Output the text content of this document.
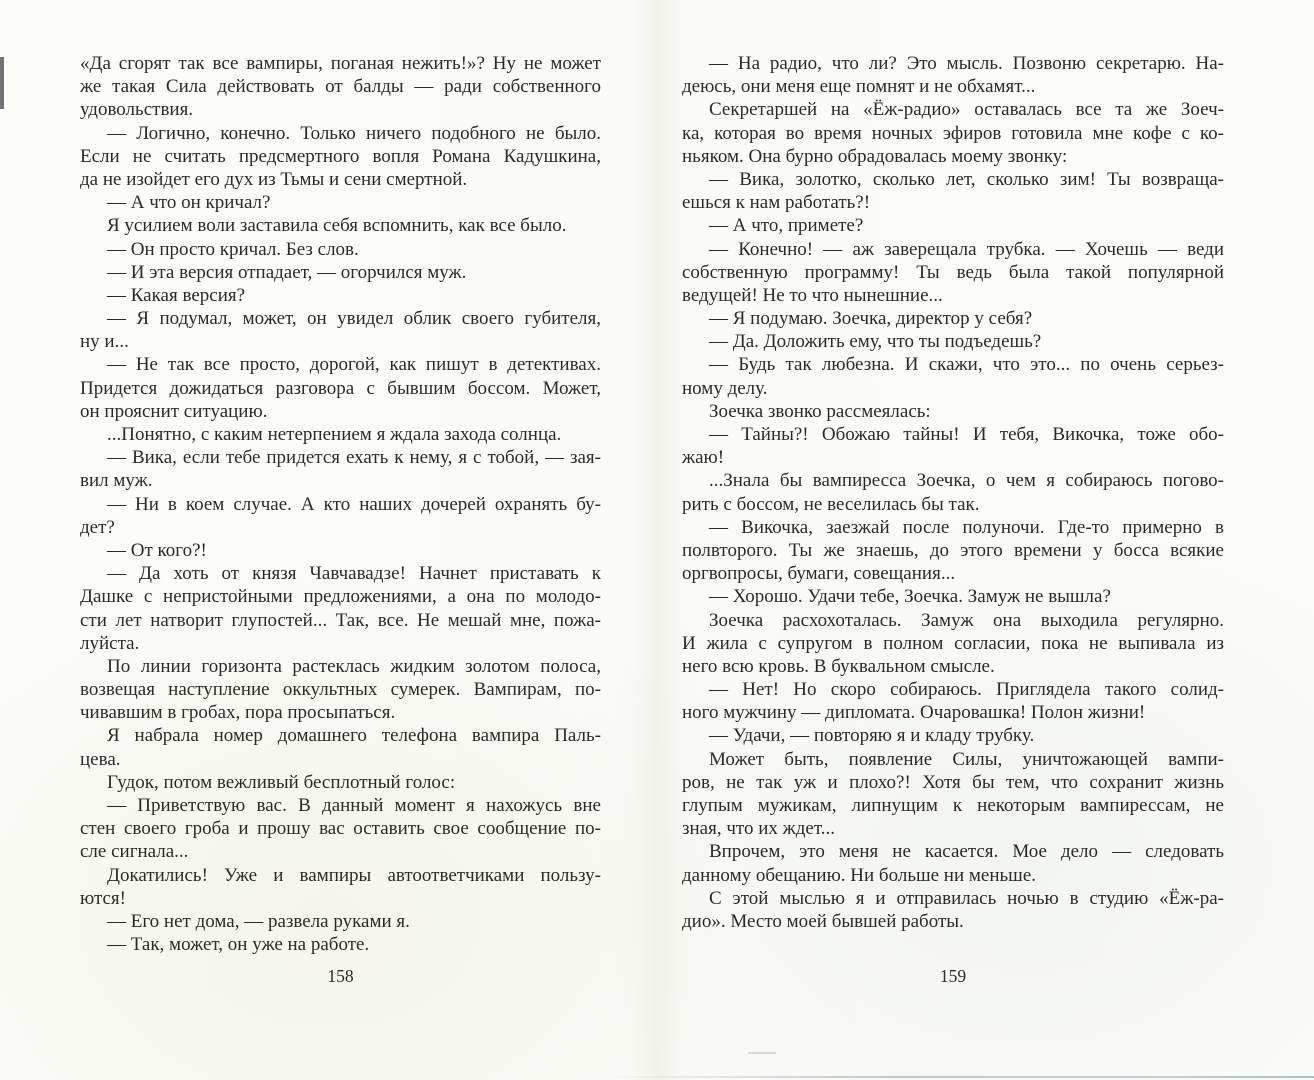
«Да сгорят так все вампиры, поганая нежить!»? Ну не может
же такая Сила действовать от балды — ради собственного
удовольствия.
— Логично, конечно. Только ничего подобного не было.
Если не считать предсмертного вопля Романа Кадушкина,
да не изойдет его дух из Тьмы и сени смертной.
— А что он кричал?
Я усилием воли заставила себя вспомнить, как все было.
— Он просто кричал. Без слов.
— И эта версия отпадает, — огорчился муж.
— Какая версия?
— Я подумал, может, он увидел облик своего губителя,
ну и...
— Не так все просто, дорогой, как пишут в детективах.
Придется дожидаться разговора с бывшим боссом. Может,
он прояснит ситуацию.
...Понятно, с каким нетерпением я ждала захода солнца.
— Вика, если тебе придется ехать к нему, я с тобой, — зая-
вил муж.
— Ни в коем случае. А кто наших дочерей охранять бу-
дет?
— От кого?!
— Да хоть от князя Чавчавадзе! Начнет приставать к
Дашке с непристойными предложениями, а она по молодо-
сти лет натворит глупостей... Так, все. Не мешай мне, пожа-
луйста.
По линии горизонта растеклась жидким золотом полоса,
возвещая наступление оккультных сумерек. Вампирам, по-
чивавшим в гробах, пора просыпаться.
Я набрала номер домашнего телефона вампира Паль-
цева.
Гудок, потом вежливый бесплотный голос:
— Приветствую вас. В данный момент я нахожусь вне
стен своего гроба и прошу вас оставить свое сообщение по-
сле сигнала...
Докатились! Уже и вампиры автоответчиками пользу-
ются!
— Его нет дома, — развела руками я.
— Так, может, он уже на работе.
158
— На радио, что ли? Это мысль. Позвоню секретарю. На-
деюсь, они меня еще помнят и не обхамят...
Секретаршей на «Ёж-радио» оставалась все та же Зоеч-
ка, которая во время ночных эфиров готовила мне кофе с ко-
ньяком. Она бурно обрадовалась моему звонку:
— Вика, золотко, сколько лет, сколько зим! Ты возвраща-
ешься к нам работать?!
— А что, примете?
— Конечно! — аж заверещала трубка. — Хочешь — веди
собственную программу! Ты ведь была такой популярной
ведущей! Не то что нынешние...
— Я подумаю. Зоечка, директор у себя?
— Да. Доложить ему, что ты подъедешь?
— Будь так любезна. И скажи, что это... по очень серьез-
ному делу.
Зоечка звонко рассмеялась:
— Тайны?! Обожаю тайны! И тебя, Викочка, тоже обо-
жаю!
...Знала бы вампиресса Зоечка, о чем я собираюсь погово-
рить с боссом, не веселилась бы так.
— Викочка, заезжай после полуночи. Где-то примерно в
полвторого. Ты же знаешь, до этого времени у босса всякие
оргвопросы, бумаги, совещания...
— Хорошо. Удачи тебе, Зоечка. Замуж не вышла?
Зоечка расхохоталась. Замуж она выходила регулярно.
И жила с супругом в полном согласии, пока не выпивала из
него всю кровь. В буквальном смысле.
— Нет! Но скоро собираюсь. Приглядела такого солид-
ного мужчину — дипломата. Очаровашка! Полон жизни!
— Удачи, — повторяю я и кладу трубку.
Может быть, появление Силы, уничтожающей вампи-
ров, не так уж и плохо?! Хотя бы тем, что сохранит жизнь
глупым мужикам, липнущим к некоторым вампирессам, не
зная, что их ждет...
Впрочем, это меня не касается. Мое дело — следовать
данному обещанию. Ни больше ни меньше.
С этой мыслью я и отправилась ночью в студию «Ёж-ра-
дио». Место моей бывшей работы.
159
